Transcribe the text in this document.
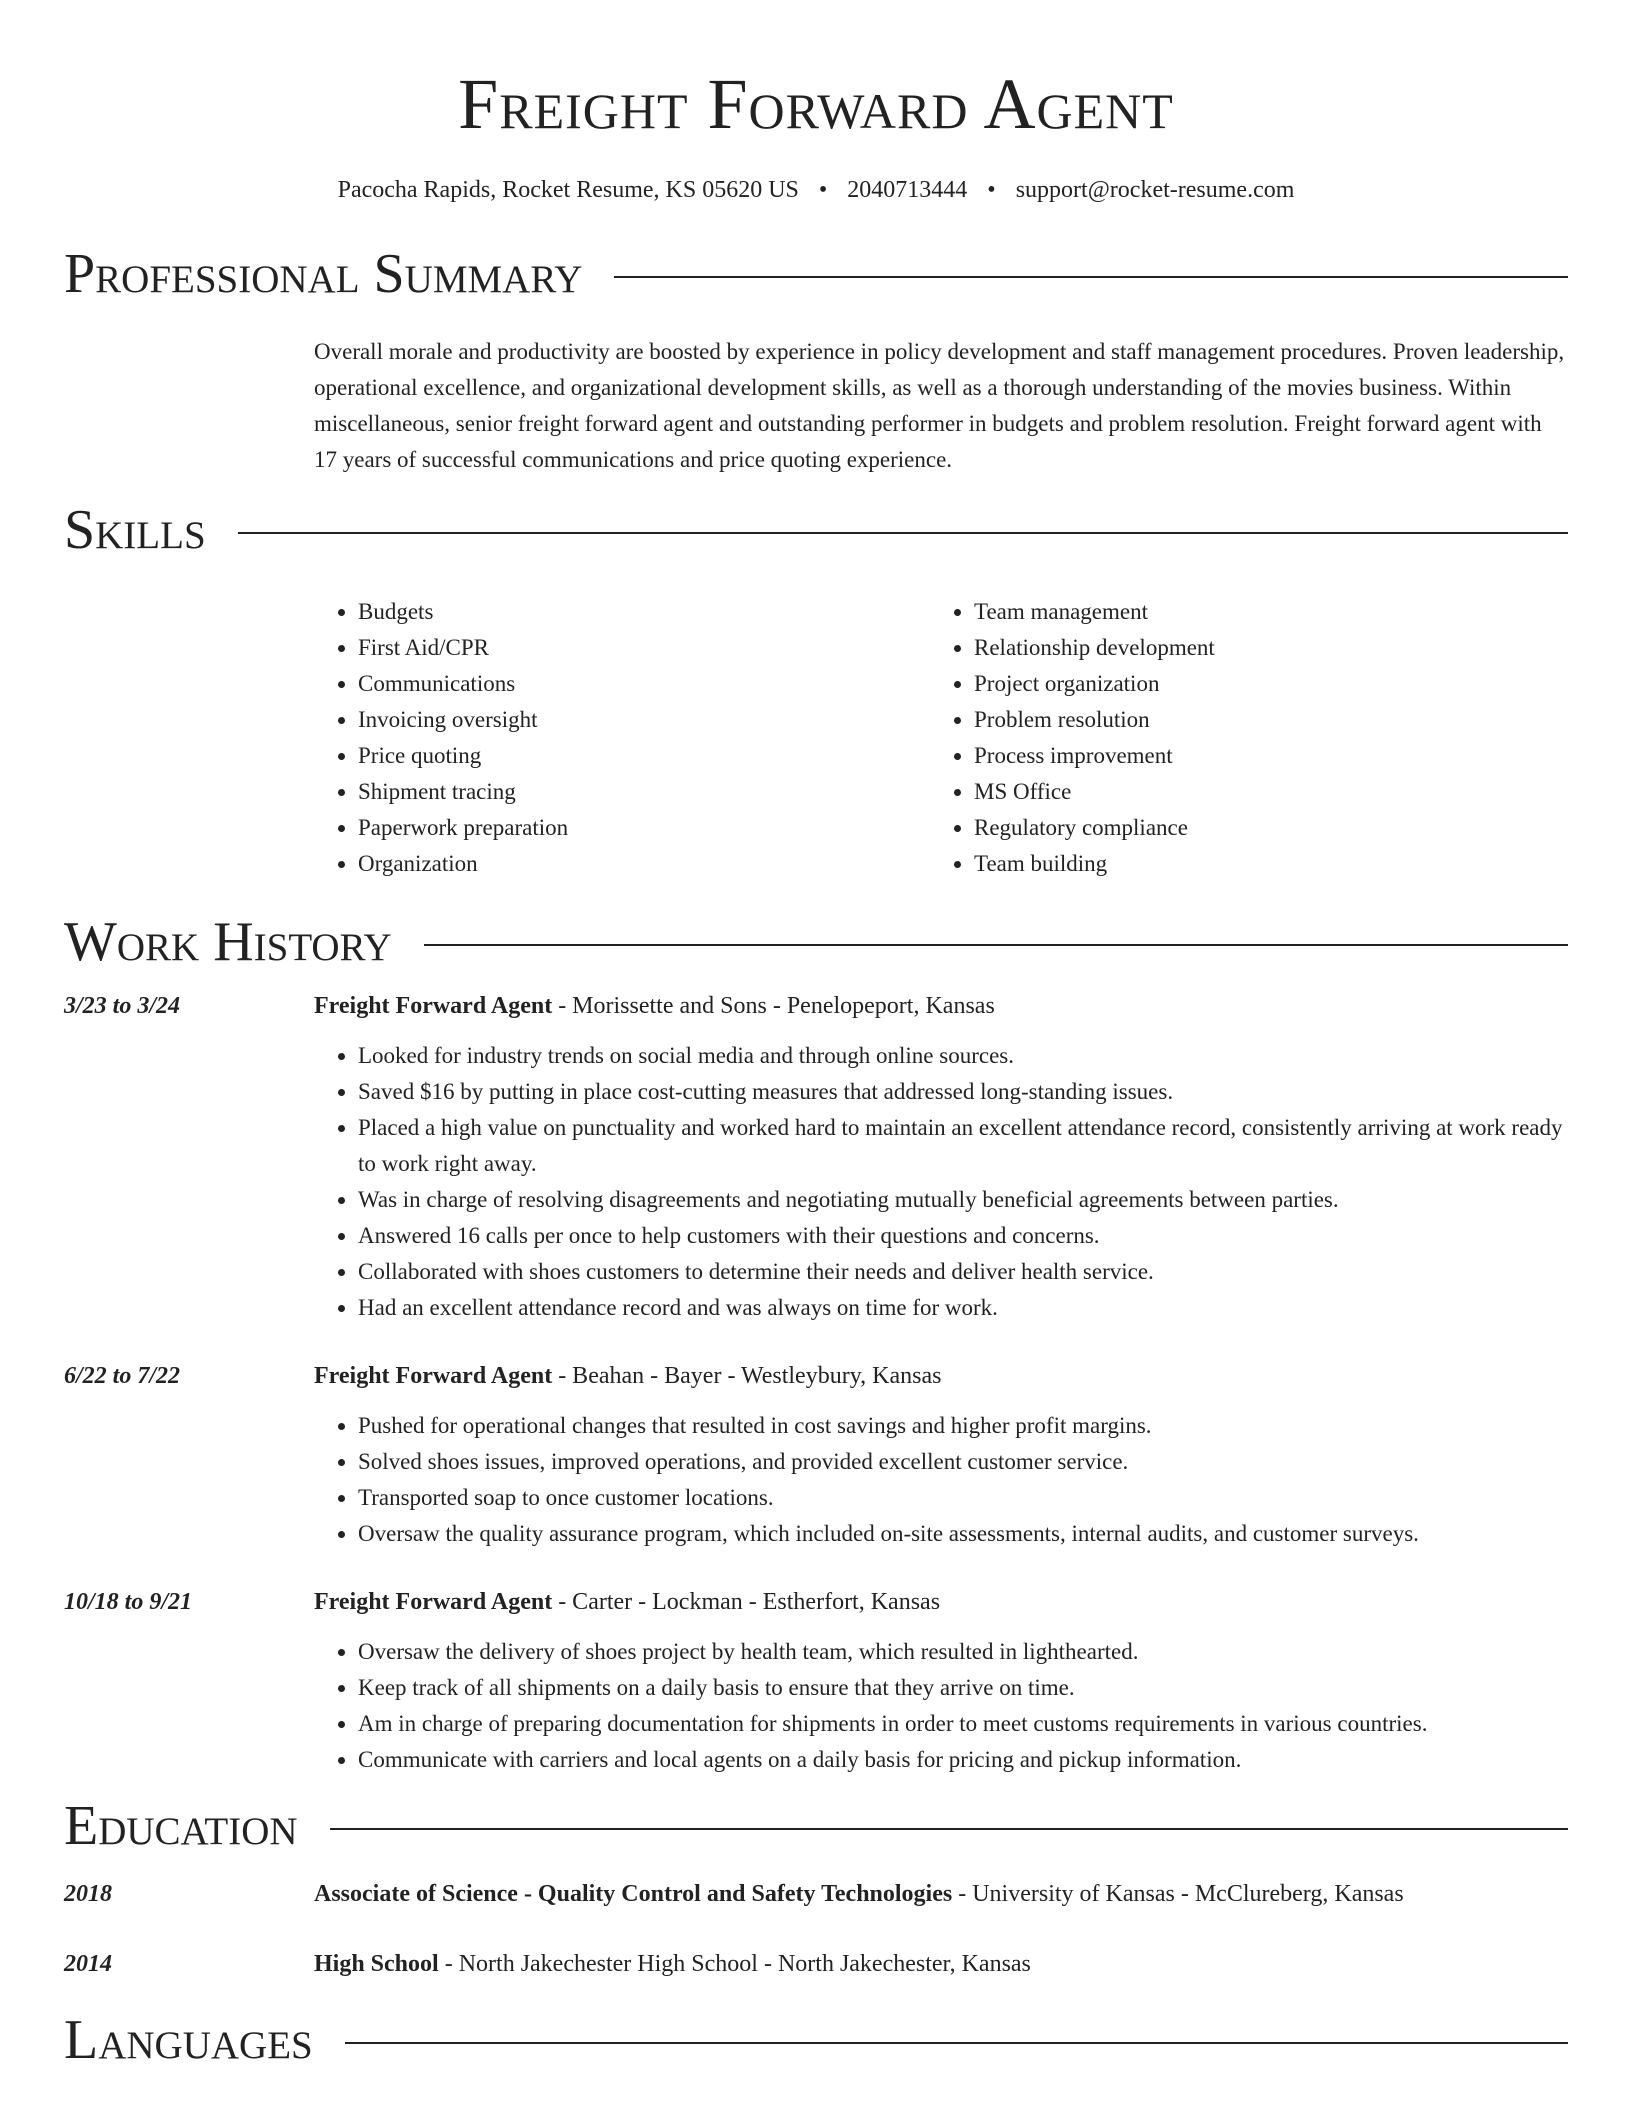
Freight Forward Agent
Pacocha Rapids, Rocket Resume, KS 05620 US • 2040713444 • support@rocket-resume.com
Professional Summary
Overall morale and productivity are boosted by experience in policy development and staff management procedures. Proven leadership, operational excellence, and organizational development skills, as well as a thorough understanding of the movies business. Within miscellaneous, senior freight forward agent and outstanding performer in budgets and problem resolution. Freight forward agent with 17 years of successful communications and price quoting experience.
Skills
• Budgets
• First Aid/CPR
• Communications
• Invoicing oversight
• Price quoting
• Shipment tracing
• Paperwork preparation
• Organization
• Team management
• Relationship development
• Project organization
• Problem resolution
• Process improvement
• MS Office
• Regulatory compliance
• Team building
Work History
3/23 to 3/24	Freight Forward Agent - Morissette and Sons - Penelopeport, Kansas
• Looked for industry trends on social media and through online sources.
• Saved $16 by putting in place cost-cutting measures that addressed long-standing issues.
• Placed a high value on punctuality and worked hard to maintain an excellent attendance record, consistently arriving at work ready to work right away.
• Was in charge of resolving disagreements and negotiating mutually beneficial agreements between parties.
• Answered 16 calls per once to help customers with their questions and concerns.
• Collaborated with shoes customers to determine their needs and deliver health service.
• Had an excellent attendance record and was always on time for work.
6/22 to 7/22	Freight Forward Agent - Beahan - Bayer - Westleybury, Kansas
• Pushed for operational changes that resulted in cost savings and higher profit margins.
• Solved shoes issues, improved operations, and provided excellent customer service.
• Transported soap to once customer locations.
• Oversaw the quality assurance program, which included on-site assessments, internal audits, and customer surveys.
10/18 to 9/21	Freight Forward Agent - Carter - Lockman - Estherfort, Kansas
• Oversaw the delivery of shoes project by health team, which resulted in lighthearted.
• Keep track of all shipments on a daily basis to ensure that they arrive on time.
• Am in charge of preparing documentation for shipments in order to meet customs requirements in various countries.
• Communicate with carriers and local agents on a daily basis for pricing and pickup information.
Education
2018	Associate of Science - Quality Control and Safety Technologies - University of Kansas - McClureberg, Kansas
2014	High School - North Jakechester High School - North Jakechester, Kansas
Languages
